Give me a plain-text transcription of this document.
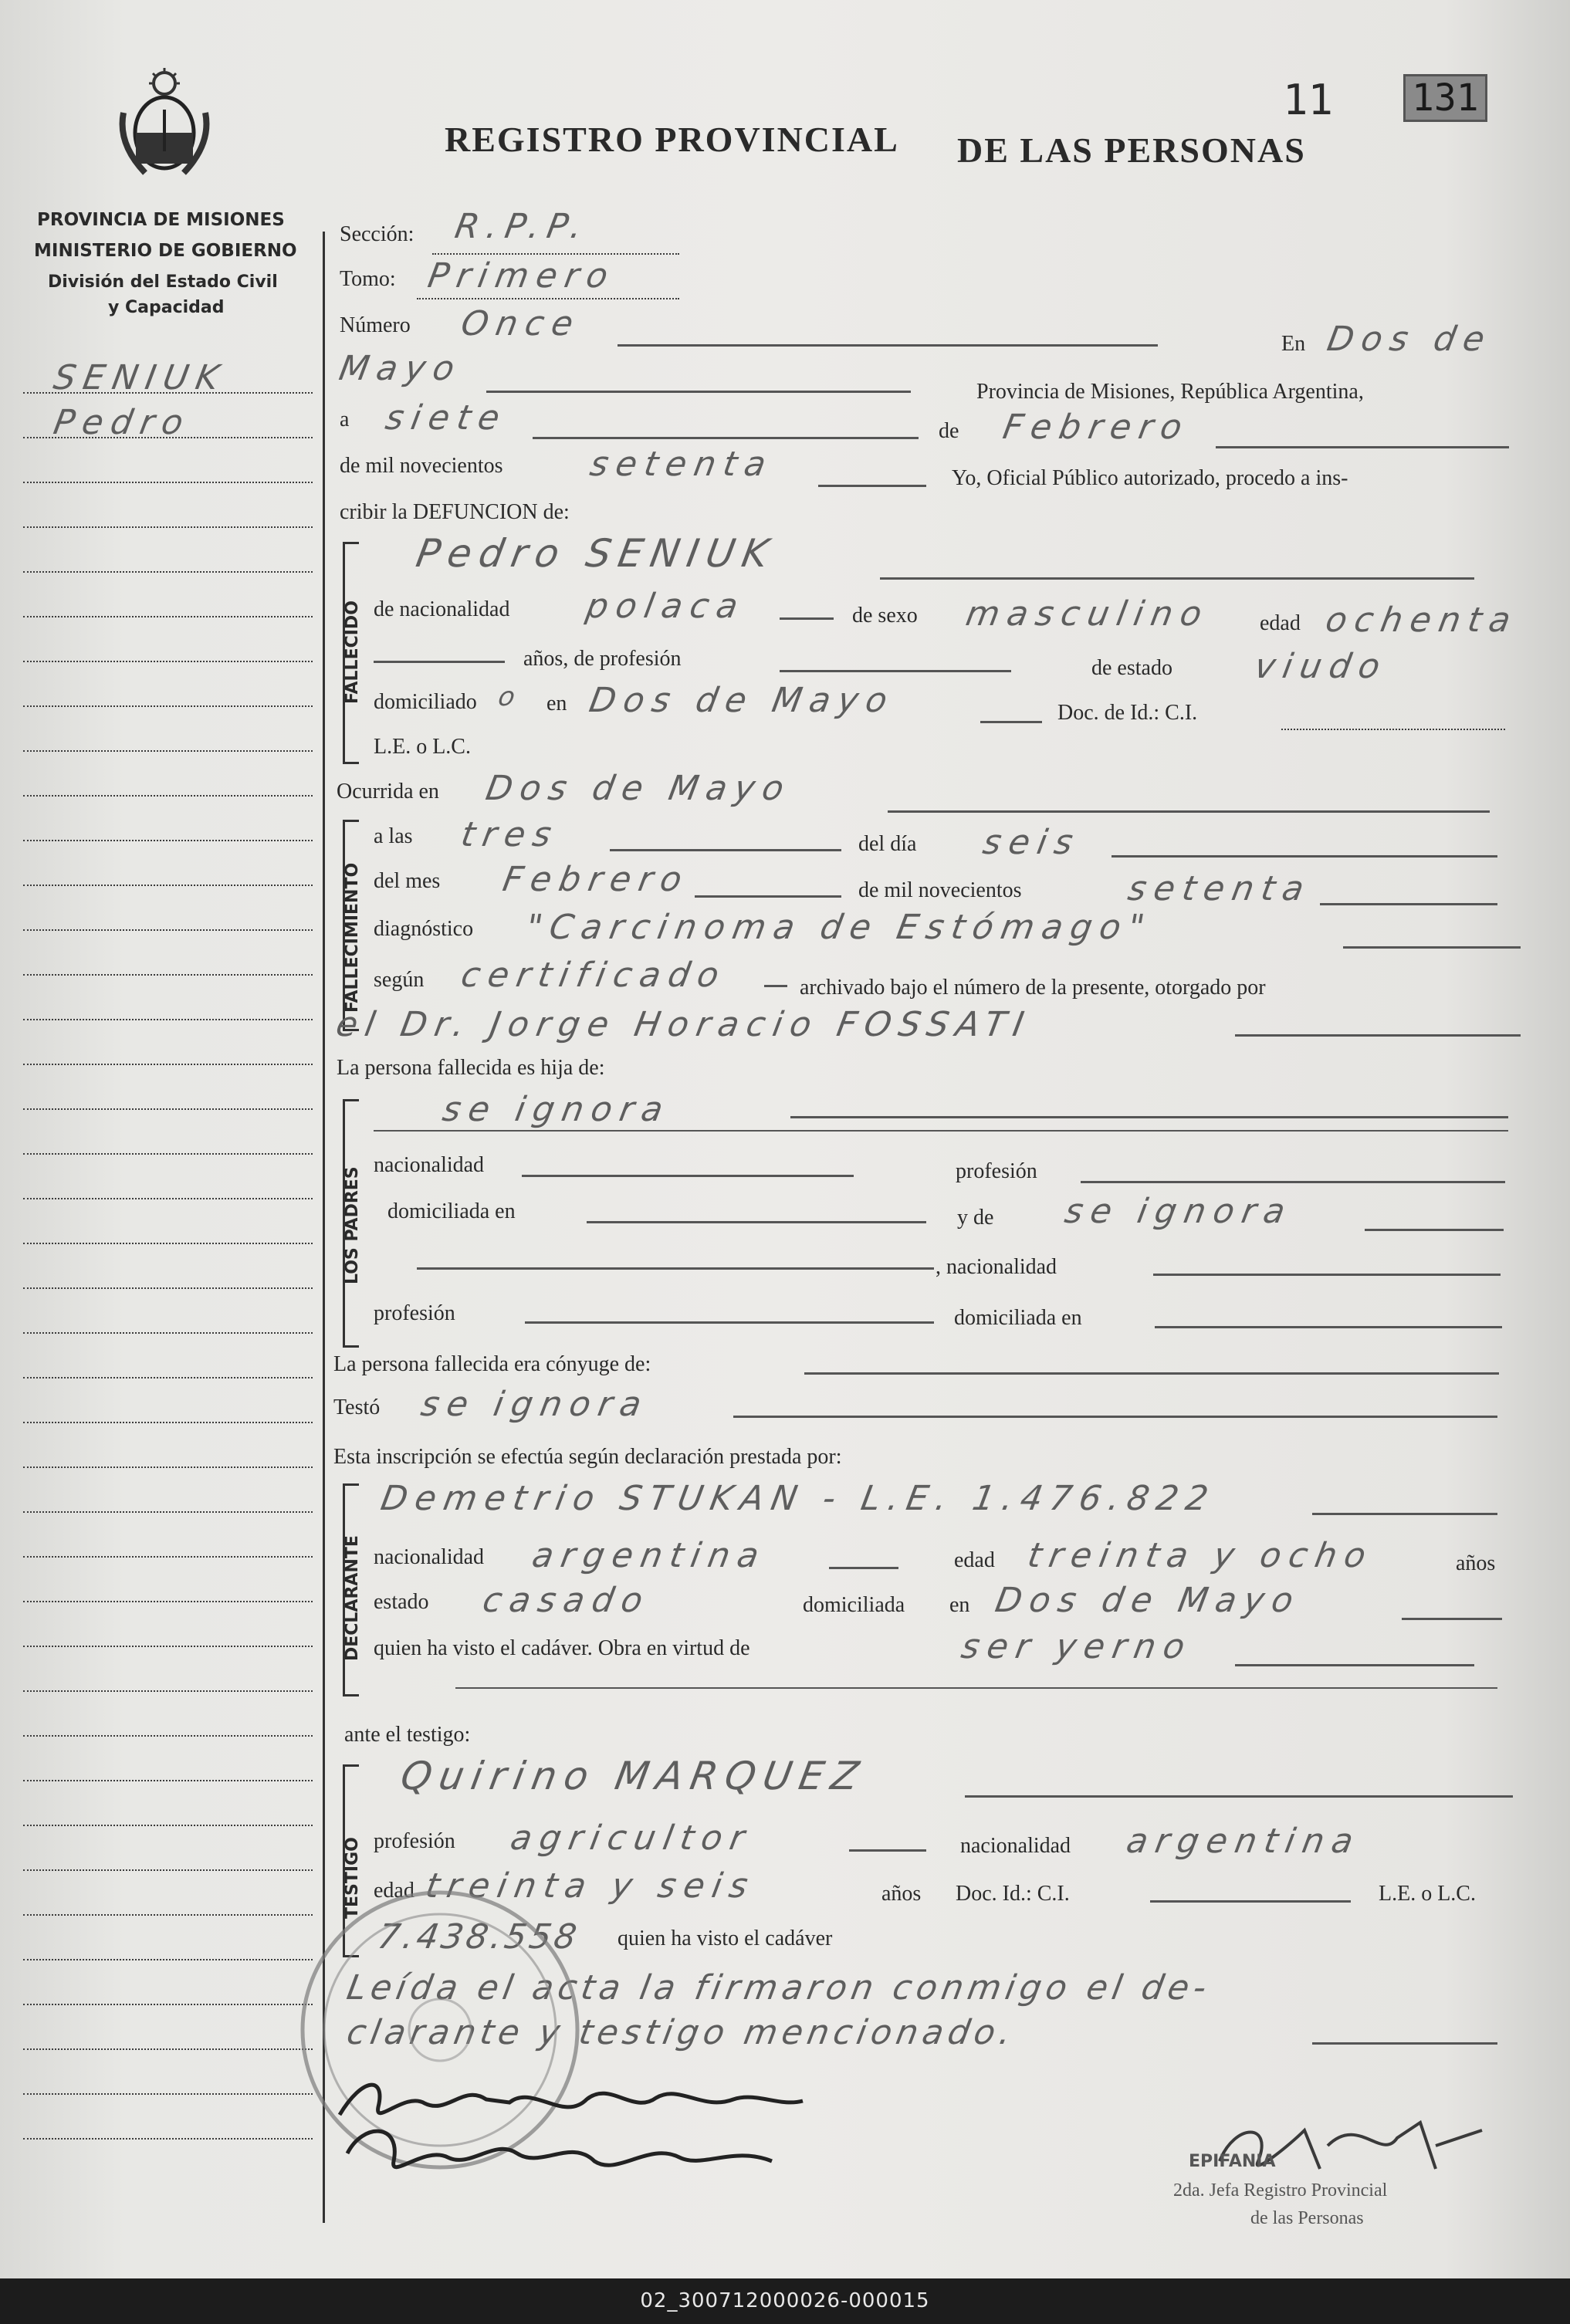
11 131
PROVINCIA DE MISIONES
MINISTERIO DE GOBIERNO
División del Estado Civil
y Capacidad
REGISTRO PROVINCIAL DE LAS PERSONAS
SENIUK
Pedro
Sección: R.P.P.
Tomo: Primero
Número Once
En Dos de
Mayo
Provincia de Misiones, República Argentina,
a siete	de Febrero
de mil novecientos setenta	Yo, Oficial Público autorizado, procedo a ins-
cribir la DEFUNCION de:
FALLECIDO
Pedro SENIUK
de nacionalidad polaca	de sexo masculino edad ochenta
años, de profesión	de estado viudo
domiciliado o en Dos de Mayo	Doc. de Id.: C.I.
L.E. o L.C.
Ocurrida en Dos de Mayo
FALLECIMIENTO
a las tres	del día seis
del mes Febrero	de mil novecientos	setenta
diagnóstico "Carcinoma de Estómago"
según certificado	archivado bajo el número de la presente, otorgado por
el Dr. Jorge Horacio FOSSATI
La persona fallecida es hija de:
LOS PADRES
se ignora
nacionalidad	profesión
domiciliada en	y de se ignora
, nacionalidad
profesión	domiciliada en
La persona fallecida era cónyuge de:
Testó se ignora
Esta inscripción se efectúa según declaración prestada por:
DECLARANTE
Demetrio STUKAN - L.E. 1.476.822
nacionalidad argentina	edad treinta y ocho	años
estado casado	domiciliada en Dos de Mayo
quien ha visto el cadáver. Obra en virtud de	ser yerno
ante el testigo:
TESTIGO
Quirino MARQUEZ
profesión agricultor	nacionalidad argentina
edad treinta y seis	años Doc. Id.: C.I.	L.E. o L.C.
7.438.558 quien ha visto el cadáver
Leída el acta la firmaron conmigo el de-
clarante y testigo mencionado.
EPIFANIA
2da. Jefa Registro Provincial
de las Personas
02_300712000026-000015
